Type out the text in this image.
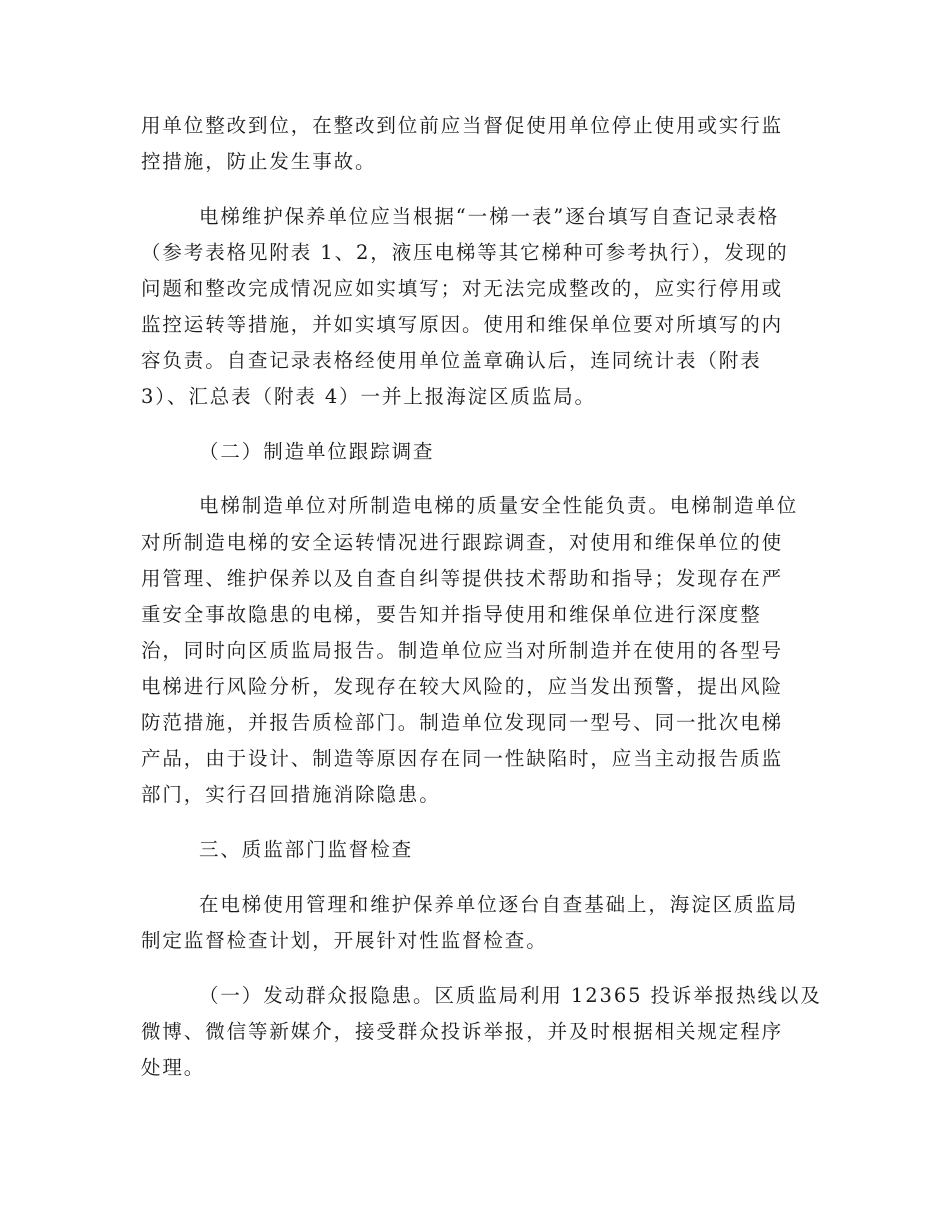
用单位整改到位，在整改到位前应当督促使用单位停止使用或实行监

控措施，防止发生事故。

电梯维护保养单位应当根据“一梯一表”逐台填写自查记录表格

（参考表格见附表 1、2，液压电梯等其它梯种可参考执行），发现的

问题和整改完成情况应如实填写；对无法完成整改的，应实行停用或

监控运转等措施，并如实填写原因。使用和维保单位要对所填写的内

容负责。自查记录表格经使用单位盖章确认后，连同统计表（附表

3）、汇总表（附表 4）一并上报海淀区质监局。

（二）制造单位跟踪调查

电梯制造单位对所制造电梯的质量安全性能负责。电梯制造单位

对所制造电梯的安全运转情况进行跟踪调查，对使用和维保单位的使

用管理、维护保养以及自查自纠等提供技术帮助和指导；发现存在严

重安全事故隐患的电梯，要告知并指导使用和维保单位进行深度整

治，同时向区质监局报告。制造单位应当对所制造并在使用的各型号

电梯进行风险分析，发现存在较大风险的，应当发出预警，提出风险

防范措施，并报告质检部门。制造单位发现同一型号、同一批次电梯

产品，由于设计、制造等原因存在同一性缺陷时，应当主动报告质监

部门，实行召回措施消除隐患。

三、质监部门监督检查

在电梯使用管理和维护保养单位逐台自查基础上，海淀区质监局

制定监督检查计划，开展针对性监督检查。

（一）发动群众报隐患。区质监局利用 12365 投诉举报热线以及

微博、微信等新媒介，接受群众投诉举报，并及时根据相关规定程序

处理。
